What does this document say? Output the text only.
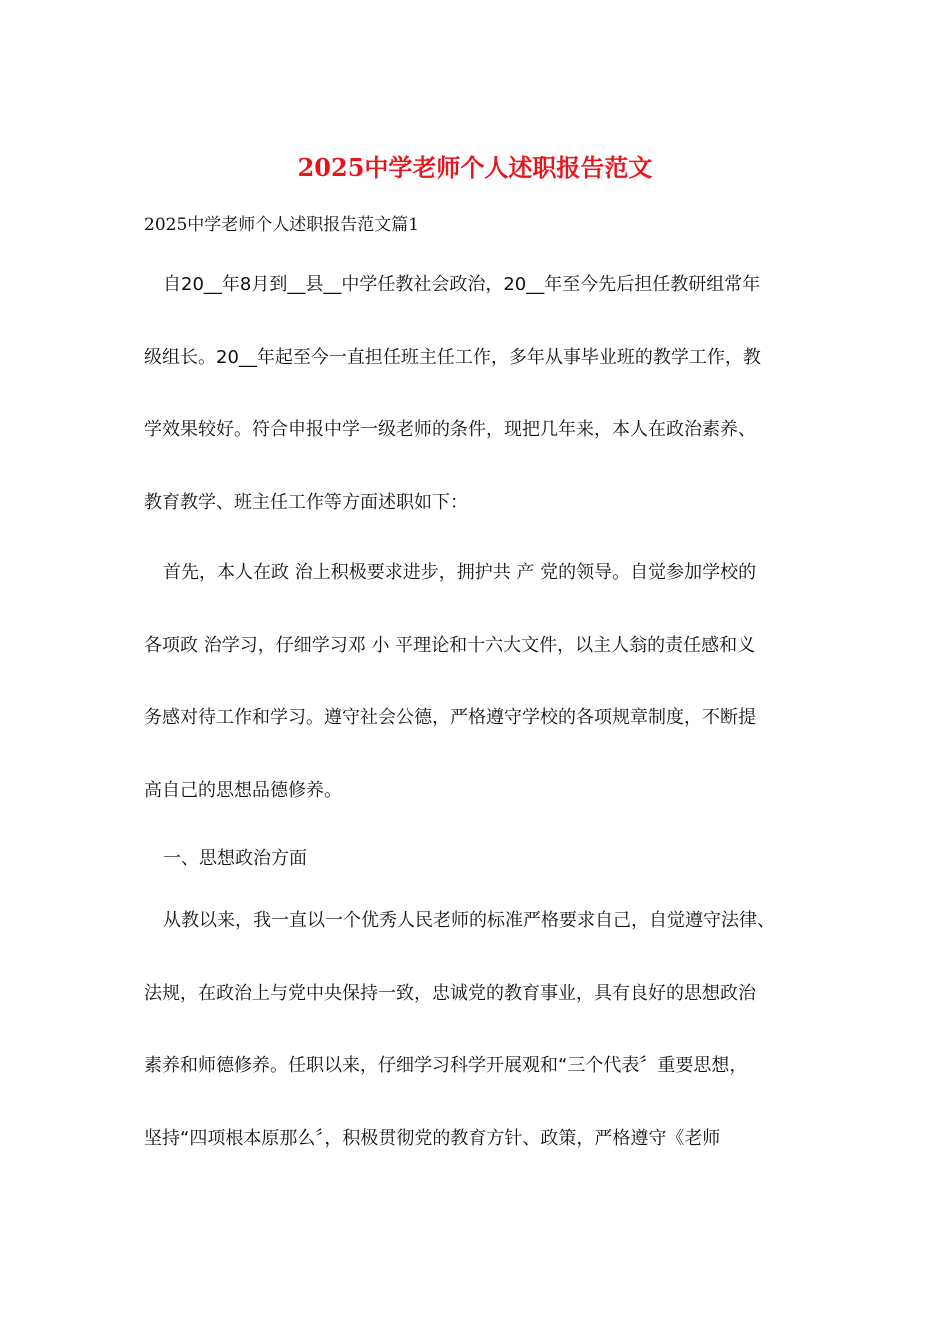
2025中学老师个人述职报告范文
2025中学老师个人述职报告范文篇1
自20__年8月到__县__中学任教社会政治，20__年至今先后担任教研组常年
级组长。20__年起至今一直担任班主任工作，多年从事毕业班的教学工作，教
学效果较好。符合申报中学一级老师的条件，现把几年来，本人在政治素养、
教育教学、班主任工作等方面述职如下：
首先，本人在政 治上积极要求进步，拥护共 产 党的领导。自觉参加学校的
各项政 治学习，仔细学习邓 小 平理论和十六大文件，以主人翁的责任感和义
务感对待工作和学习。遵守社会公德，严格遵守学校的各项规章制度，不断提
高自己的思想品德修养。
一、思想政治方面
从教以来，我一直以一个优秀人民老师的标准严格要求自己，自觉遵守法律、
法规，在政治上与党中央保持一致，忠诚党的教育事业，具有良好的思想政治
素养和师德修养。任职以来，仔细学习科学开展观和“三个代表〞重要思想，
坚持“四项根本原那么〞，积极贯彻党的教育方针、政策，严格遵守《老师
